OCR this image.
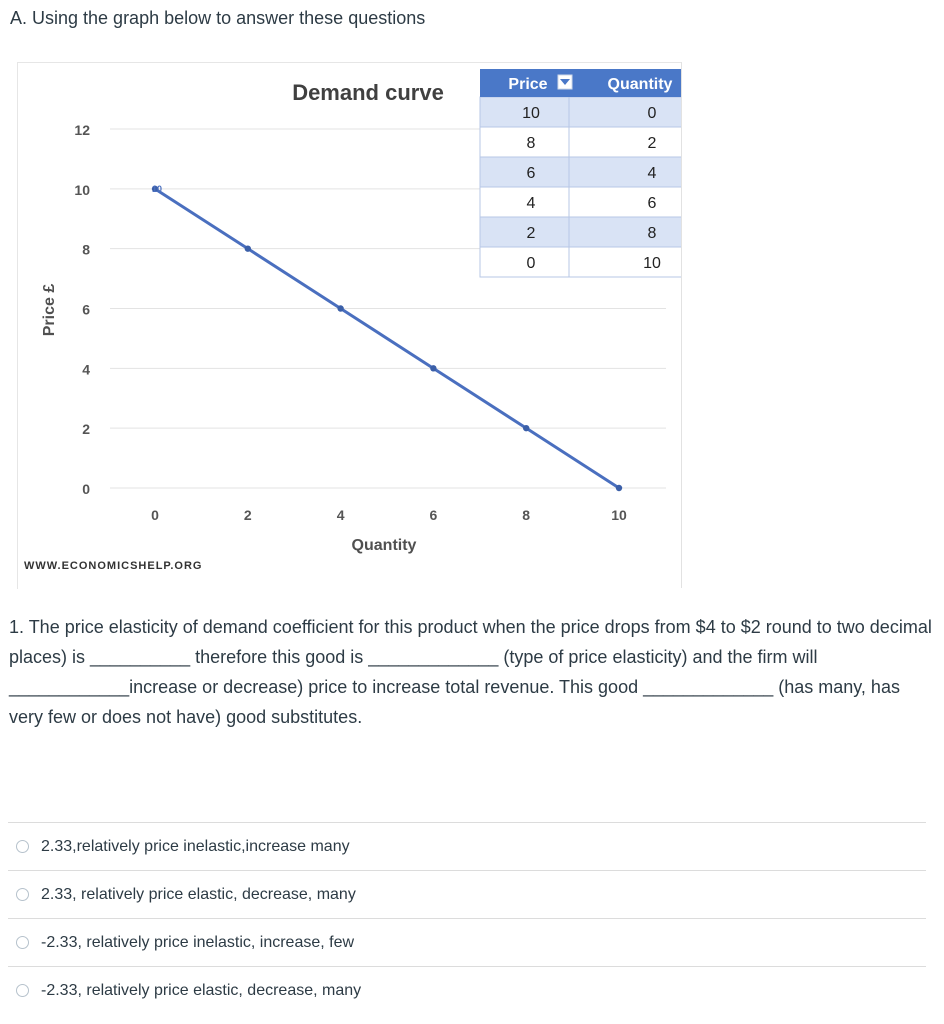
A. Using the graph below to answer these questions
0
2
4
6
8
10
12
0	2	4	6	8	10
10
Demand curve
Quantity
Price £
WWW.ECONOMICSHELP.ORG
10	0
8	2
6	4
4	6
2	8
0	10
Price	Quantity
1. The price elasticity of demand coefficient for this product when the price drops from $4 to $2 round to two decimal places) is __________ therefore this good is _____________ (type of price elasticity) and the firm will ____________increase or decrease) price to increase total revenue. This good _____________ (has many, has very few or does not have) good substitutes.
2.33,relatively price inelastic,increase many
2.33, relatively price elastic, decrease, many
-2.33, relatively price inelastic, increase, few
-2.33, relatively price elastic, decrease, many
